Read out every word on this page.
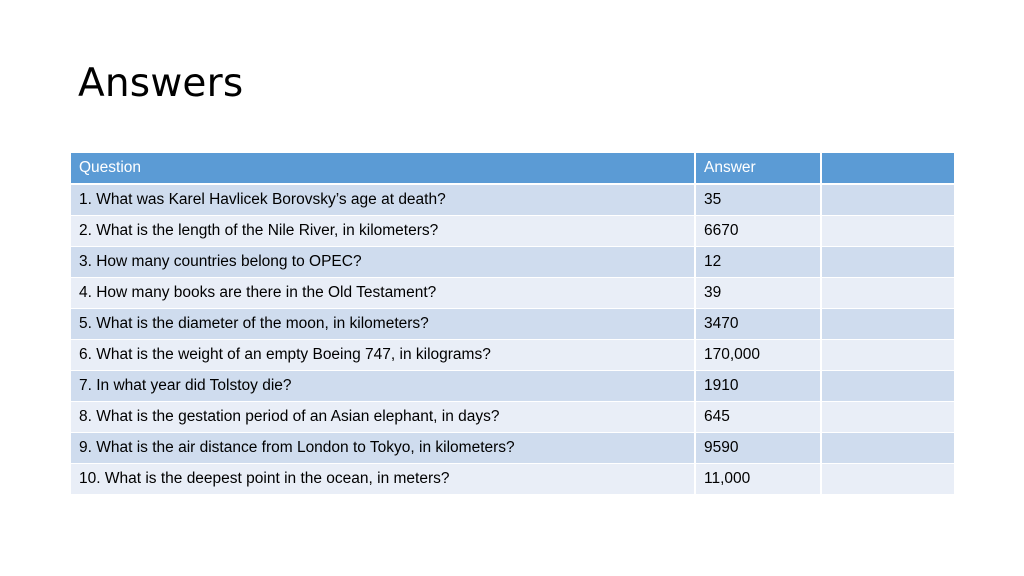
Answers
Question	Answer	
1. What was Karel Havlicek Borovsky’s age at death?	35	
2. What is the length of the Nile River, in kilometers?	6670	
3. How many countries belong to OPEC?	12	
4. How many books are there in the Old Testament?	39	
5. What is the diameter of the moon, in kilometers?	3470	
6. What is the weight of an empty Boeing 747, in kilograms?	170,000	
7. In what year did Tolstoy die?	1910	
8. What is the gestation period of an Asian elephant, in days?	645	
9. What is the air distance from London to Tokyo, in kilometers?	9590	
10. What is the deepest point in the ocean, in meters?	11,000	
